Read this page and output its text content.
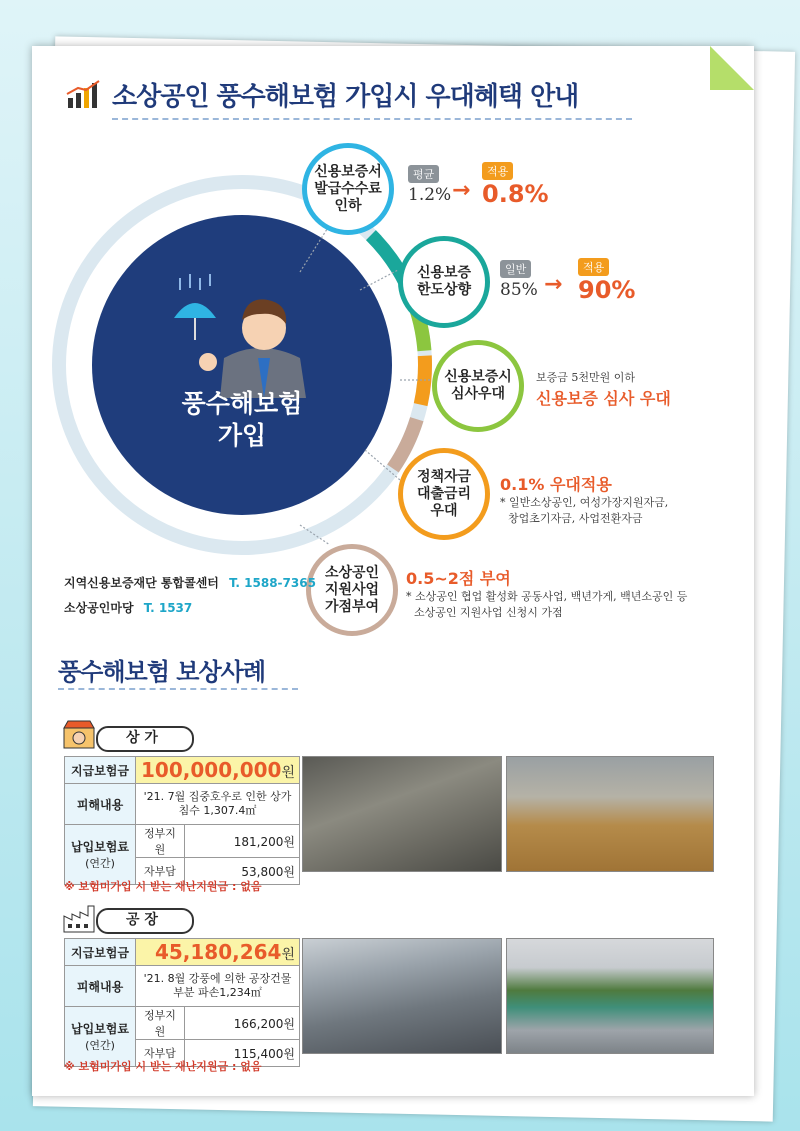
소상공인 풍수해보험 가입시 우대혜택 안내
풍수해보험
가입
신용보증서
발급수수료
인하
평균
1.2% →
적용
0.8%
신용보증
한도상향
일반
85% →
적용
90%
신용보증시
심사우대
보증금 5천만원 이하
신용보증 심사 우대
정책자금
대출금리
우대
0.1% 우대적용
* 일반소상공인, 여성가장지원자금,
창업초기자금, 사업전환자금
소상공인
지원사업
가점부여
0.5~2점 부여
* 소상공인 협업 활성화 공동사업, 백년가게, 백년소공인 등
소상공인 지원사업 신청시 가점
지역신용보증재단 통합콜센터 T. 1588-7365
소상공인마당 T. 1537
풍수해보험 보상사례
상 가
지급보험금	100,000,000원	
피해내용	'21. 7월 집중호우로 인한 상가
침수 1,307.4㎡	

납입보험료
(연간)	정부지원	181,200원
	자부담	53,800원
※ 보험미가입 시 받는 재난지원금 : 없음
공 장
지급보험금	45,180,264원	
피해내용	'21. 8월 강풍에 의한 공장건물
부분 파손1,234㎡	

납입보험료
(연간)	정부지원	166,200원
	자부담	115,400원
※ 보험미가입 시 받는 재난지원금 : 없음
